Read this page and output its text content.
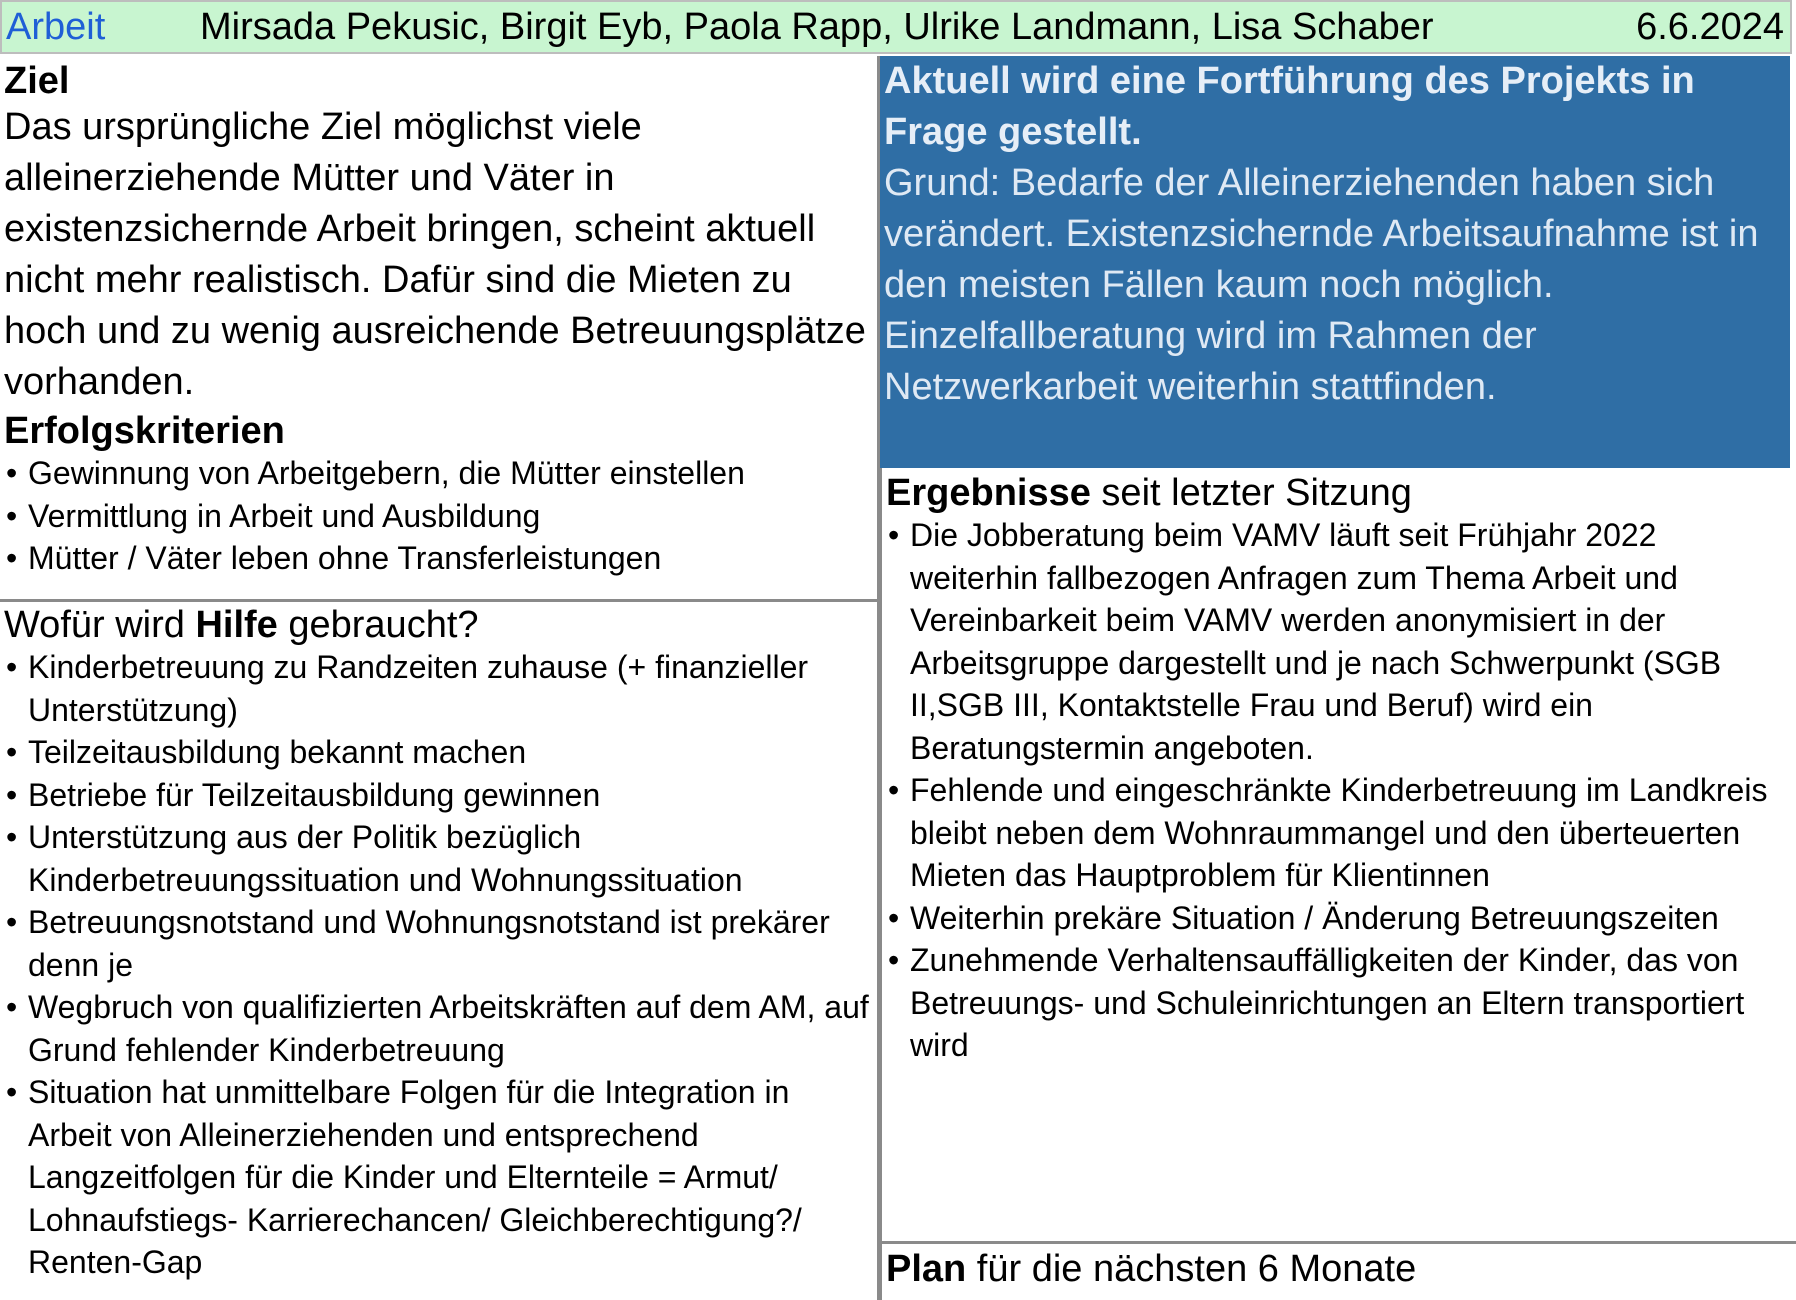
Arbeit Mirsada Pekusic, Birgit Eyb, Paola Rapp, Ulrike Landmann, Lisa Schaber	6.6.2024
Ziel
Das ursprüngliche Ziel möglichst viele alleinerziehende Mütter und Väter in existenzsichernde Arbeit bringen, scheint aktuell nicht mehr realistisch. Dafür sind die Mieten zu hoch und zu wenig ausreichende Betreuungsplätze vorhanden.
Erfolgskriterien
• Gewinnung von Arbeitgebern, die Mütter einstellen
• Vermittlung in Arbeit und Ausbildung
• Mütter / Väter leben ohne Transferleistungen
Wofür wird Hilfe gebraucht?
• Kinderbetreuung zu Randzeiten zuhause (+ finanzieller Unterstützung)
• Teilzeitausbildung bekannt machen
• Betriebe für Teilzeitausbildung gewinnen
• Unterstützung aus der Politik bezüglich Kinderbetreuungssituation und Wohnungssituation
• Betreuungsnotstand und Wohnungsnotstand ist prekärer denn je
• Wegbruch von qualifizierten Arbeitskräften auf dem AM, auf Grund fehlender Kinderbetreuung
• Situation hat unmittelbare Folgen für die Integration in Arbeit von Alleinerziehenden und entsprechend Langzeitfolgen für die Kinder und Elternteile = Armut/ Lohnaufstiegs- Karrierechancen/ Gleichberechtigung?/ Renten-Gap
Aktuell wird eine Fortführung des Projekts in Frage gestellt.
Grund: Bedarfe der Alleinerziehenden haben sich verändert. Existenzsichernde Arbeitsaufnahme ist in den meisten Fällen kaum noch möglich. Einzelfallberatung wird im Rahmen der Netzwerkarbeit weiterhin stattfinden.
Ergebnisse seit letzter Sitzung
• Die Jobberatung beim VAMV läuft seit Frühjahr 2022 weiterhin fallbezogen Anfragen zum Thema Arbeit und Vereinbarkeit beim VAMV werden anonymisiert in der Arbeitsgruppe dargestellt und je nach Schwerpunkt (SGB II,SGB III, Kontaktstelle Frau und Beruf) wird ein Beratungstermin angeboten.
• Fehlende und eingeschränkte Kinderbetreuung im Landkreis bleibt neben dem Wohnraummangel und den überteuerten Mieten das Hauptproblem für Klientinnen
• Weiterhin prekäre Situation / Änderung Betreuungszeiten
• Zunehmende Verhaltensauffälligkeiten der Kinder, das von Betreuungs- und Schuleinrichtungen an Eltern transportiert wird
Plan für die nächsten 6 Monate
